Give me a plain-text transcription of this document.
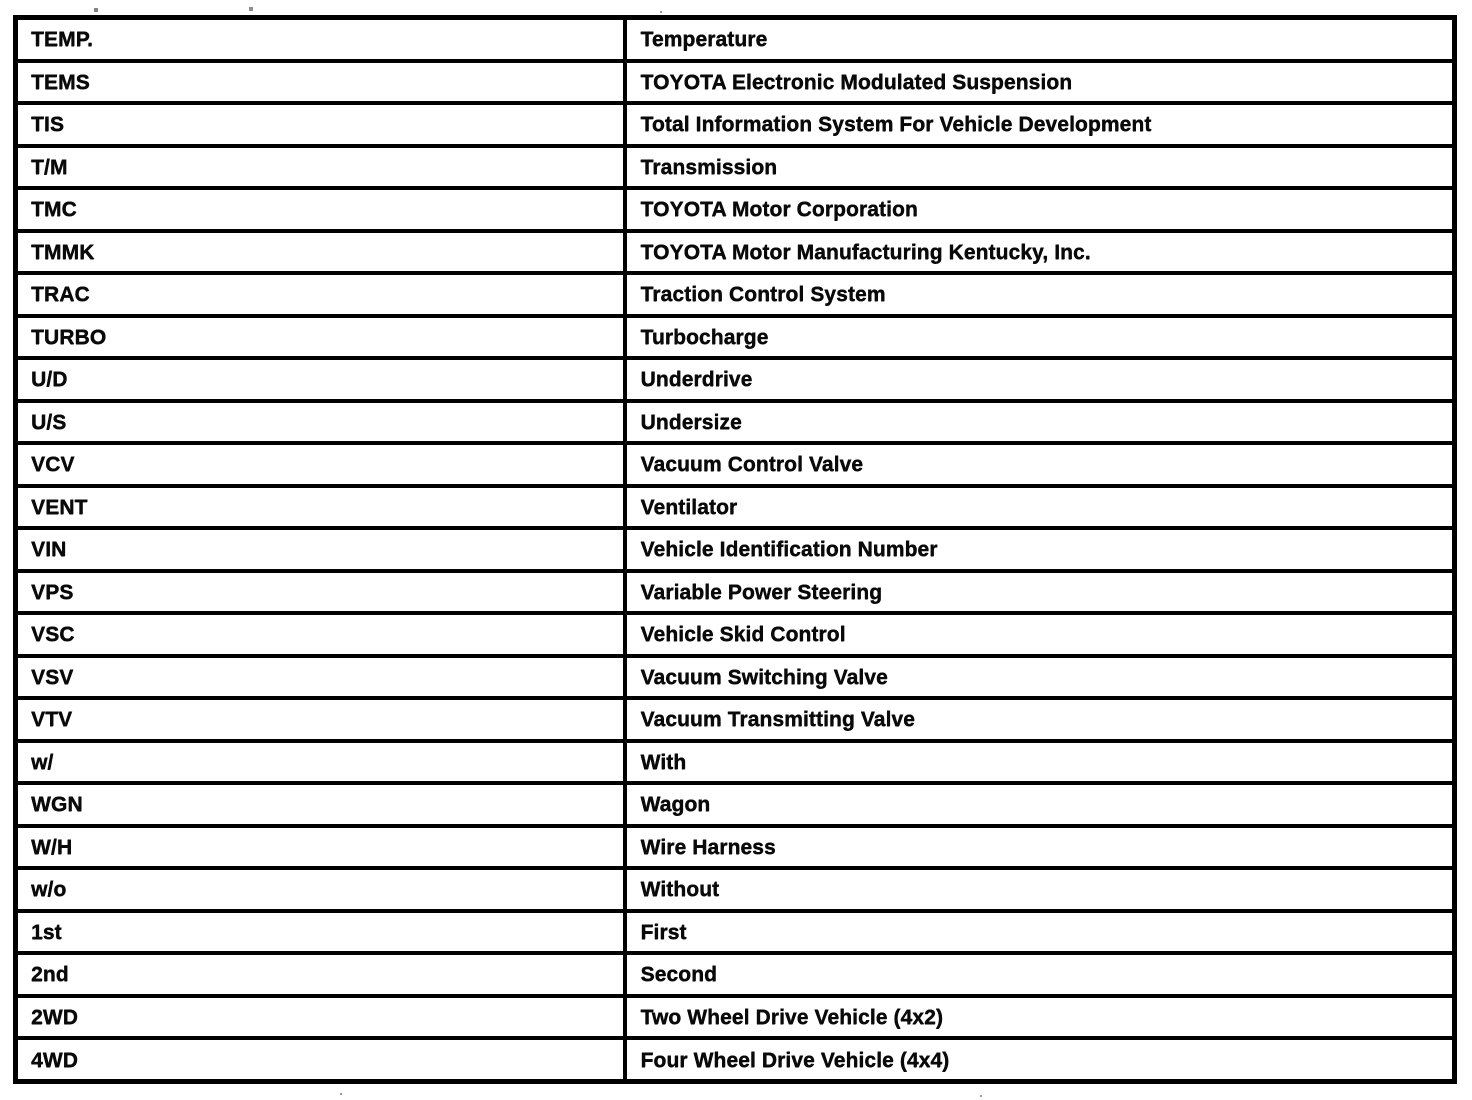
TEMP.	Temperature
TEMS	TOYOTA Electronic Modulated Suspension
TIS	Total Information System For Vehicle Development
T/M	Transmission
TMC	TOYOTA Motor Corporation
TMMK	TOYOTA Motor Manufacturing Kentucky, Inc.
TRAC	Traction Control System
TURBO	Turbocharge
U/D	Underdrive
U/S	Undersize
VCV	Vacuum Control Valve
VENT	Ventilator
VIN	Vehicle Identification Number
VPS	Variable Power Steering
VSC	Vehicle Skid Control
VSV	Vacuum Switching Valve
VTV	Vacuum Transmitting Valve
w/	With
WGN	Wagon
W/H	Wire Harness
w/o	Without
1st	First
2nd	Second
2WD	Two Wheel Drive Vehicle (4x2)
4WD	Four Wheel Drive Vehicle (4x4)
